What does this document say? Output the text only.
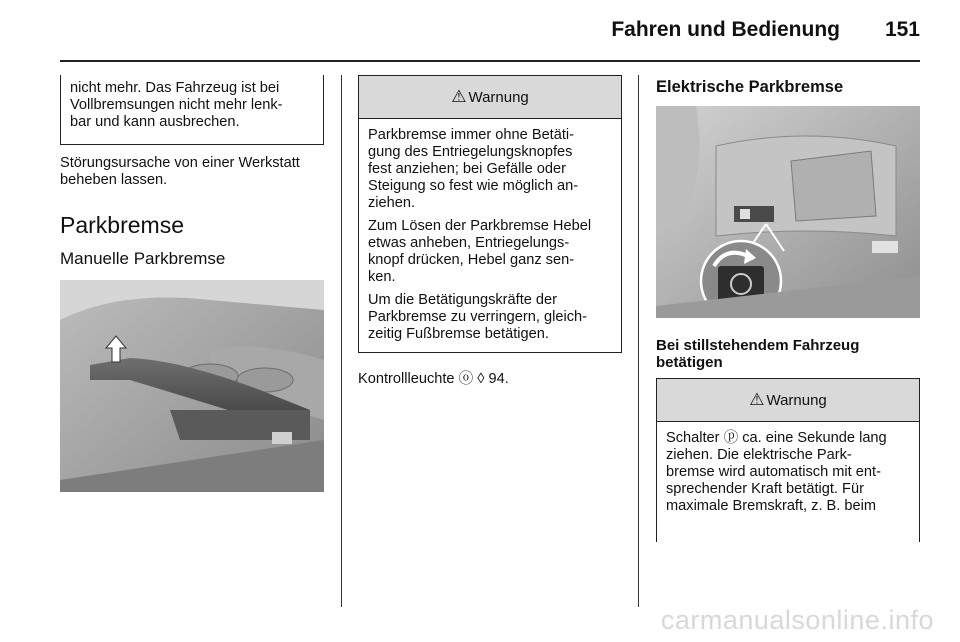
Fahren und Bedienung 151
nicht mehr. Das Fahrzeug ist bei
Vollbremsungen nicht mehr lenk-
bar und kann ausbrechen.
Störungsursache von einer Werkstatt
beheben lassen.
Parkbremse
Manuelle Parkbremse
⚠ Warnung

Parkbremse immer ohne Betäti-
gung des Entriegelungsknopfes
fest anziehen; bei Gefälle oder
Steigung so fest wie möglich an-
ziehen.

Zum Lösen der Parkbremse Hebel
etwas anheben, Entriegelungs-
knopf drücken, Hebel ganz sen-
ken.

Um die Betätigungskräfte der
Parkbremse zu verringern, gleich-
zeitig Fußbremse betätigen.

Kontrollleuchte ⓞ ◊ 94.
Elektrische Parkbremse
Bei stillstehendem Fahrzeug
betätigen
⚠ Warnung
Schalter ⓟ ca. eine Sekunde lang
ziehen. Die elektrische Park-
bremse wird automatisch mit ent-
sprechender Kraft betätigt. Für
maximale Bremskraft, z. B. beim
carmanualsonline.info
